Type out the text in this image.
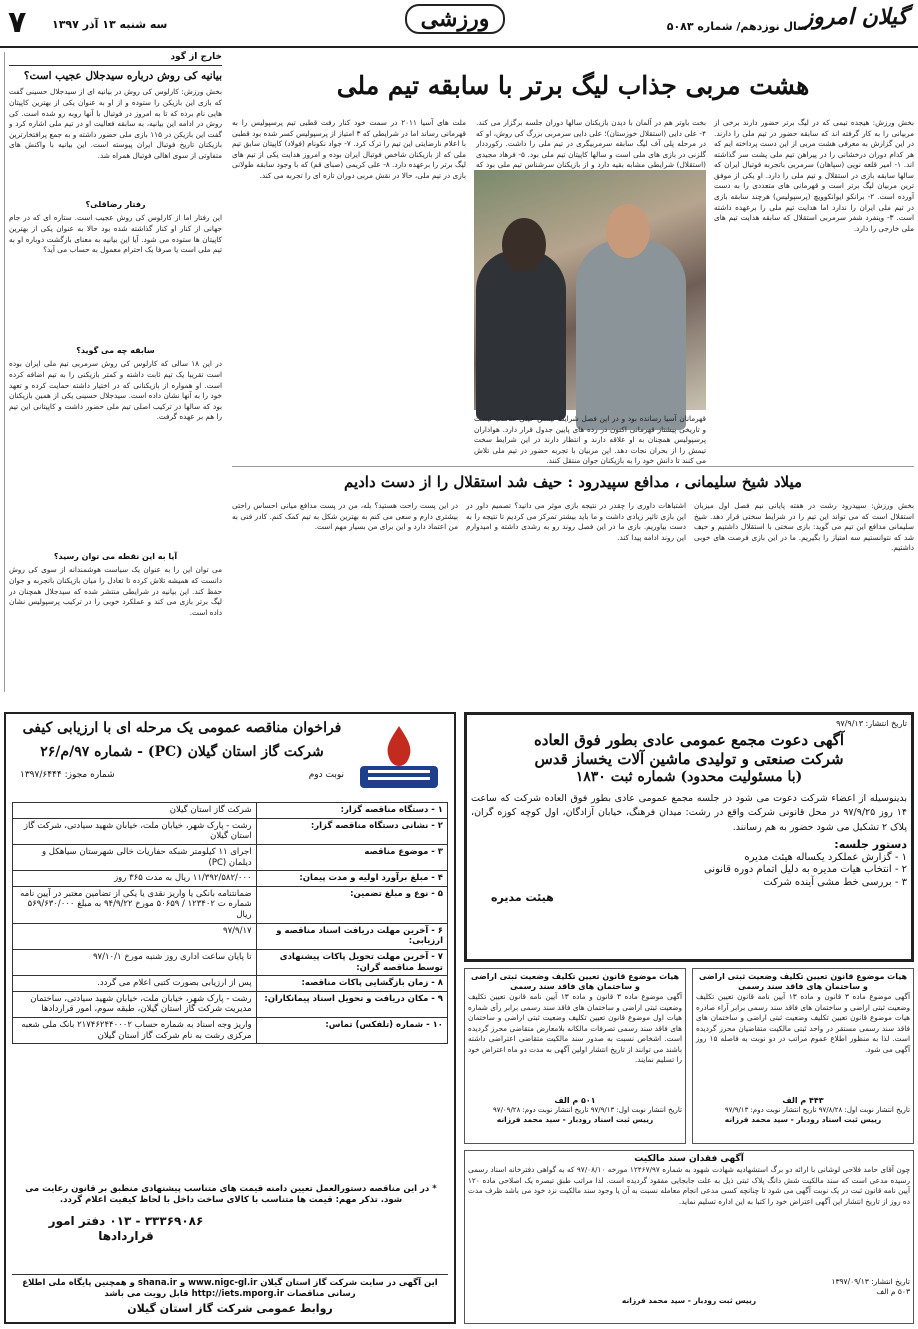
گیلان امروز
سال نوزدهم/ شماره ۵۰۸۳
ورزشی
سه شنبه ۱۳ آذر ۱۳۹۷
۷
خارج از گود
بیانیه کی روش درباره سیدجلال عجیب است؟
بخش ورزش: کارلوس کی روش در بیانیه ای از سیدجلال حسینی گفت که بازی این بازیکن را ستوده و از او به عنوان یکی از بهترین کاپیتان هایی نام برده که تا به امروز در فوتبال با آنها روبه رو شده است. کی روش در ادامه این بیانیه، به سابقه فعالیت او در تیم ملی اشاره کرد و گفت این بازیکن در ۱۱۵ بازی ملی حضور داشته و به جمع پرافتخارترین بازیکنان تاریخ فوتبال ایران پیوسته است. این بیانیه با واکنش های متفاوتی از سوی اهالی فوتبال همراه شد.
رفتار رضاقلی؟
این رفتار اما از کارلوس کی روش عجیب است. ستاره ای که در جام جهانی از کنار او کنار گذاشته شده بود حالا به عنوان یکی از بهترین کاپیتان ها ستوده می شود. آیا این بیانیه به معنای بازگشت دوباره او به تیم ملی است یا صرفا یک احترام معمول به حساب می آید؟
سابقه چه می گوید؟
در این ۱۸ سالی که کارلوس کی روش سرمربی تیم ملی ایران بوده است تقریبا یک تیم ثابت داشته و کمتر بازیکنی را به تیم اضافه کرده است. او همواره از بازیکنانی که در اختیار داشته حمایت کرده و تعهد خود را به آنها نشان داده است. سیدجلال حسینی یکی از همین بازیکنان بود که سالها در ترکیب اصلی تیم ملی حضور داشت و کاپیتانی این تیم را هم بر عهده گرفت.
آیا به این نقطه می توان رسید؟
می توان این را به عنوان یک سیاست هوشمندانه از سوی کی روش دانست که همیشه تلاش کرده تا تعادل را میان بازیکنان باتجربه و جوان حفظ کند. این بیانیه در شرایطی منتشر شده که سیدجلال همچنان در لیگ برتر بازی می کند و عملکرد خوبی را در ترکیب پرسپولیس نشان داده است.
هشت مربی جذاب لیگ برتر با سابقه تیم ملی
بخش ورزش: هیجده تیمی که در لیگ برتر حضور دارند برخی از مربیانی را به کار گرفته اند که سابقه حضور در تیم ملی را دارند. در این گزارش به معرفی هشت مربی از این دست پرداخته ایم که هر کدام دوران درخشانی را در پیراهن تیم ملی پشت سر گذاشته اند. ۱- امیر قلعه نویی (سپاهان) سرمربی باتجربه فوتبال ایران که سالها سابقه بازی در استقلال و تیم ملی را دارد. او یکی از موفق ترین مربیان لیگ برتر است و قهرمانی های متعددی را به دست آورده است. ۲- برانکو ایوانکوویچ (پرسپولیس) هرچند سابقه بازی در تیم ملی ایران را ندارد اما هدایت تیم ملی را برعهده داشته است. ۳- وینفرد شفر سرمربی استقلال که سابقه هدایت تیم های ملی خارجی را دارد.
بخت باوتر هم در آلمان با دیدن بازیکنان سالها دوران جلسه برگزار می کند. ۴- علی دایی (استقلال خوزستان)؛ علی دایی سرمربی بزرگ کی روش، او که در مرحله پلی آف لیگ سابقه سرمربیگری در تیم ملی را داشت. رکورددار گلزنی در بازی های ملی است و سالها کاپیتان تیم ملی بود. ۵- فرهاد مجیدی (استقلال) شرایطی مشابه بقیه دارد و از بازیکنان سرشناس تیم ملی بود که
قهرمانان آسیا رسانده بود و در این فصل شرایط تیمش خیلی مناسب نیست و تاریخی پیشتاز قهرمانی اکنون در رده های پایین جدول قرار دارد. هواداران پرسپولیس همچنان به او علاقه دارند و انتظار دارند در این شرایط سخت تیمش را از بحران نجات دهد. این مربیان با تجربه حضور در تیم ملی تلاش می کنند تا دانش خود را به بازیکنان جوان منتقل کنند.
ملت های آسیا ۲۰۱۱ در سمت خود کنار رفت قطبی تیم پرسپولیس را به قهرمانی رساند اما در شرایطی که ۳ امتیاز از پرسپولیس کسر شده بود قطبی با اعلام نارضایتی این تیم را ترک کرد. ۷- جواد نکونام (فولاد) کاپیتان سابق تیم ملی که از بازیکنان شاخص فوتبال ایران بوده و امروز هدایت یکی از تیم های لیگ برتر را برعهده دارد. ۸- علی کریمی (صبای قم) که با وجود سابقه طولانی بازی در تیم ملی، حالا در نقش مربی دوران تازه ای را تجربه می کند.
میلاد شیخ سلیمانی ، مدافع سپیدرود : حیف شد استقلال را از دست دادیم
بخش ورزش: سپیدرود رشت در هفته پایانی نیم فصل اول میزبان استقلال است که می تواند این تیم را در شرایط سختی قرار دهد. شیخ سلیمانی مدافع این تیم می گوید: بازی سختی با استقلال داشتیم و حیف شد که نتوانستیم سه امتیاز را بگیریم. ما در این بازی فرصت های خوبی داشتیم.
اشتباهات داوری را چقدر در نتیجه بازی موثر می دانید؟ تصمیم داور در این بازی تاثیر زیادی داشت و ما باید بیشتر تمرکز می کردیم تا نتیجه را به دست بیاوریم. بازی ما در این فصل روند رو به رشدی داشته و امیدوارم این روند ادامه پیدا کند.
در این پست راحت هستید؟ بله، من در پست مدافع میانی احساس راحتی بیشتری دارم و سعی می کنم به بهترین شکل به تیم کمک کنم. کادر فنی به من اعتماد دارد و این برای من بسیار مهم است.
فراخوان مناقصه عمومی یک مرحله ای با ارزیابی کیفی
شرکت گاز استان گیلان (PC) - شماره ۹۷/م/۲۶
نوبت دوم
شماره مجوز: ۱۳۹۷/۶۴۴۴
۱ - دستگاه مناقصه گزار:	شرکت گاز استان گیلان
۲ - نشانی دستگاه مناقصه گزار:	رشت - پارک شهر، خیابان ملت، خیابان شهید سیادتی، شرکت گاز استان گیلان
۳ - موضوع مناقصه	اجرای ۱۱ کیلومتر شبکه حفاریات خالی شهرستان سیاهکل و دیلمان (PC)
۴ - مبلغ برآورد اولیه و مدت پیمان:	۱۱/۳۹۲/۵۸۲/۰۰۰ ریال به مدت ۳۶۵ روز
۵ - نوع و مبلغ تضمین:	ضمانتنامه بانکی یا واریز نقدی یا یکی از تضامین معتبر در آیین نامه شماره ت ۱۲۳۴۰۲ / ۵۰۶۵۹ مورخ ۹۴/۹/۲۲ به مبلغ ۵۶۹/۶۳۰/۰۰۰ ریال
۶ - آخرین مهلت دریافت اسناد مناقصه و ارزیابی:	۹۷/۹/۱۷
۷ - آخرین مهلت تحویل پاکات پیشنهادی توسط مناقصه گران:	تا پایان ساعت اداری روز شنبه مورخ ۹۷/۱۰/۱
۸ - زمان بازگشایی پاکات مناقصه:	پس از ارزیابی بصورت کتبی اعلام می گردد.
۹ - مکان دریافت و تحویل اسناد پیمانکاران:	رشت - پارک شهر، خیابان ملت، خیابان شهید سیادتی، ساختمان مدیریت شرکت گاز استان گیلان، طبقه سوم، امور قراردادها
۱۰ - شماره (تلفکس) تماس:	واریز وجه اسناد به شماره حساب ۲۱۷۴۶۲۴۴۰۰۰۲ بانک ملی شعبه مرکزی رشت به نام شرکت گاز استان گیلان
* در این مناقصه دستورالعمل تعیین دامنه قیمت های متناسب پیشنهادی منطبق بر قانون رعایت می شود. تذکر مهم: قیمت ها متناسب با کالای ساخت داخل با لحاظ کیفیت اعلام گردد.
۳۳۳۶۹۰۸۶ - ۰۱۳ دفتر امور قراردادها
این آگهی در سایت شرکت گاز استان گیلان www.nigc-gl.ir و shana.ir و همچنین پایگاه ملی اطلاع رسانی مناقصات http://iets.mporg.ir قابل رویت می باشد
روابط عمومی شرکت گاز استان گیلان
تاریخ انتشار: ۹۷/۹/۱۳
آگهی دعوت مجمع عمومی عادی بطور فوق العاده
شرکت صنعتی و تولیدی ماشین آلات یخساز قدس
(با مسئولیت محدود) شماره ثبت ۱۸۳۰
بدینوسیله از اعضاء شرکت دعوت می شود در جلسه مجمع عمومی عادی بطور فوق العاده شرکت که ساعت ۱۴ روز ۹۷/۹/۲۵ در محل قانونی شرکت واقع در رشت: میدان فرهنگ، خیابان آزادگان، اول کوچه کوزه گران، پلاک ۲ تشکیل می شود حضور به هم رسانند.
دستور جلسه:
۱ - گزارش عملکرد یکساله هیئت مدیره
۲ - انتخاب هیات مدیره به دلیل اتمام دوره قانونی
۳ - بررسی خط مشی آینده شرکت
هیئت مدیره
هیات موضوع قانون تعیین تکلیف وضعیت ثبتی اراضی و ساختمان های فاقد سند رسمی
آگهی موضوع ماده ۳ قانون و ماده ۱۳ آیین نامه قانون تعیین تکلیف وضعیت ثبتی اراضی و ساختمان های فاقد سند رسمی برابر آراء صادره هیات موضوع قانون تعیین تکلیف وضعیت ثبتی اراضی و ساختمان های فاقد سند رسمی مستقر در واحد ثبتی مالکیت متقاضیان محرز گردیده است. لذا به منظور اطلاع عموم مراتب در دو نوبت به فاصله ۱۵ روز آگهی می شود.
۴۴۳ م الف
تاریخ انتشار نوبت اول: ۹۷/۸/۲۸ تاریخ انتشار نوبت دوم: ۹۷/۹/۱۳
رییس ثبت اسناد رودبار - سید محمد فرزانه
هیات موضوع قانون تعیین تکلیف وضعیت ثبتی اراضی و ساختمان های فاقد سند رسمی
آگهی موضوع ماده ۳ قانون و ماده ۱۳ آیین نامه قانون تعیین تکلیف وضعیت ثبتی اراضی و ساختمان های فاقد سند رسمی برابر رأی شماره هیات اول موضوع قانون تعیین تکلیف وضعیت ثبتی اراضی و ساختمان های فاقد سند رسمی تصرفات مالکانه بلامعارض متقاضی محرز گردیده است. اشخاص نسبت به صدور سند مالکیت متقاضی اعتراضی داشته باشند می توانند از تاریخ انتشار اولین آگهی به مدت دو ماه اعتراض خود را تسلیم نمایند.
۵۰۱ م الف
تاریخ انتشار نوبت اول: ۹۷/۹/۱۳ تاریخ انتشار نوبت دوم: ۹۷/۰۹/۲۸
رییس ثبت اسناد رودبار - سید محمد فرزانه
آگهی فقدان سند مالکیت
چون آقای حامد فلاحی لوشانی با ارائه دو برگ استشهادیه شهادت شهود به شماره ۱۲۴۶۷/۹۷ مورخه ۹۷/۰۸/۱۰ که به گواهی دفترخانه اسناد رسمی رسیده مدعی است که سند مالکیت شش دانگ پلاک ثبتی ذیل به علت جابجایی مفقود گردیده است. لذا مراتب طبق تبصره یک اصلاحی ماده ۱۲۰ آیین نامه قانون ثبت در یک نوبت آگهی می شود تا چنانچه کسی مدعی انجام معامله نسبت به آن یا وجود سند مالکیت نزد خود می باشد ظرف مدت ده روز از تاریخ انتشار این آگهی اعتراض خود را کتبا به این اداره تسلیم نماید.
تاریخ انتشار: ۱۳۹۷/۰۹/۱۳
۵۰۳ م الف
رییس ثبت رودبار - سید محمد فرزانه
